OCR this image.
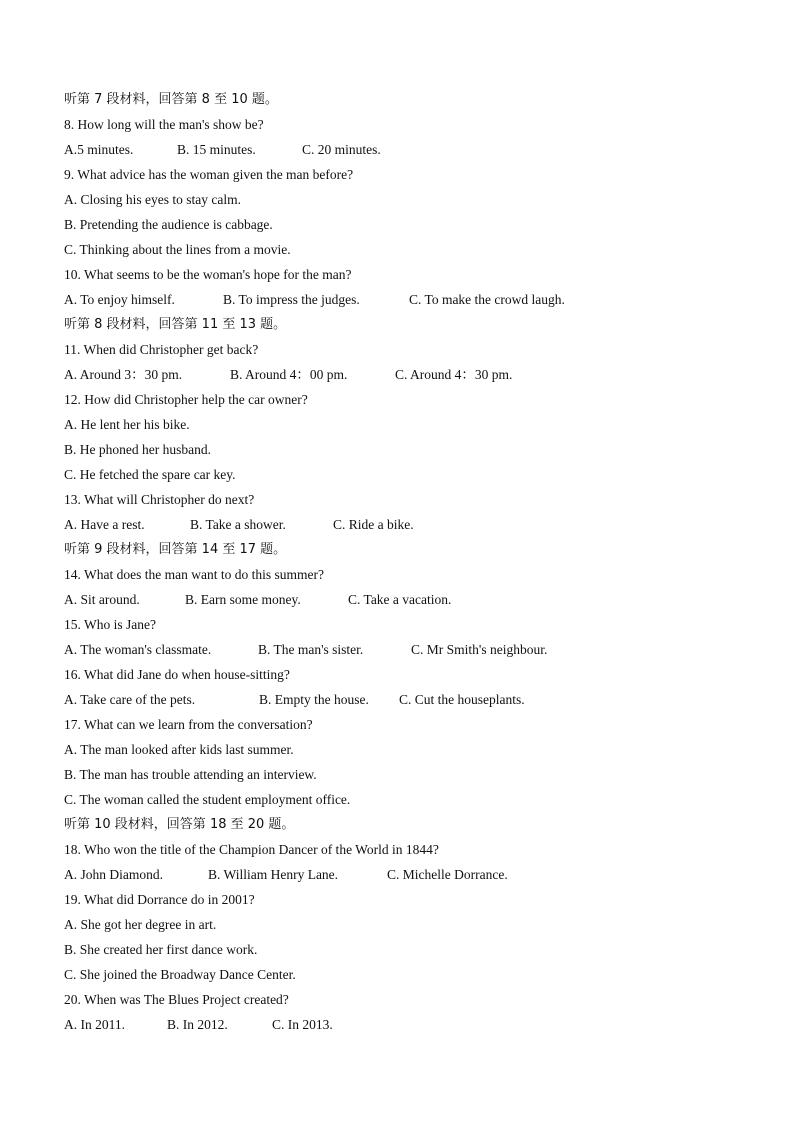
听第 7 段材料，回答第 8 至 10 题。
8. How long will the man's show be?
A.5 minutes.	B. 15 minutes.	C. 20 minutes.
9. What advice has the woman given the man before?
A. Closing his eyes to stay calm.
B. Pretending the audience is cabbage.
C. Thinking about the lines from a movie.
10. What seems to be the woman's hope for the man?
A. To enjoy himself.	B. To impress the judges.	C. To make the crowd laugh.
听第 8 段材料，回答第 11 至 13 题。
11. When did Christopher get back?
A. Around 3：30 pm.	B. Around 4：00 pm.	C. Around 4：30 pm.
12. How did Christopher help the car owner?
A. He lent her his bike.
B. He phoned her husband.
C. He fetched the spare car key.
13. What will Christopher do next?
A. Have a rest.	B. Take a shower.	C. Ride a bike.
听第 9 段材料，回答第 14 至 17 题。
14. What does the man want to do this summer?
A. Sit around.	B. Earn some money.	C. Take a vacation.
15. Who is Jane?
A. The woman's classmate.	B. The man's sister.	C. Mr Smith's neighbour.
16. What did Jane do when house-sitting?
A. Take care of the pets.	B. Empty the house.	C. Cut the houseplants.
17. What can we learn from the conversation?
A. The man looked after kids last summer.
B. The man has trouble attending an interview.
C. The woman called the student employment office.
听第 10 段材料，回答第 18 至 20 题。
18. Who won the title of the Champion Dancer of the World in 1844?
A. John Diamond.	B. William Henry Lane.	C. Michelle Dorrance.
19. What did Dorrance do in 2001?
A. She got her degree in art.
B. She created her first dance work.
C. She joined the Broadway Dance Center.
20. When was The Blues Project created?
A. In 2011.	B. In 2012.	C. In 2013.
